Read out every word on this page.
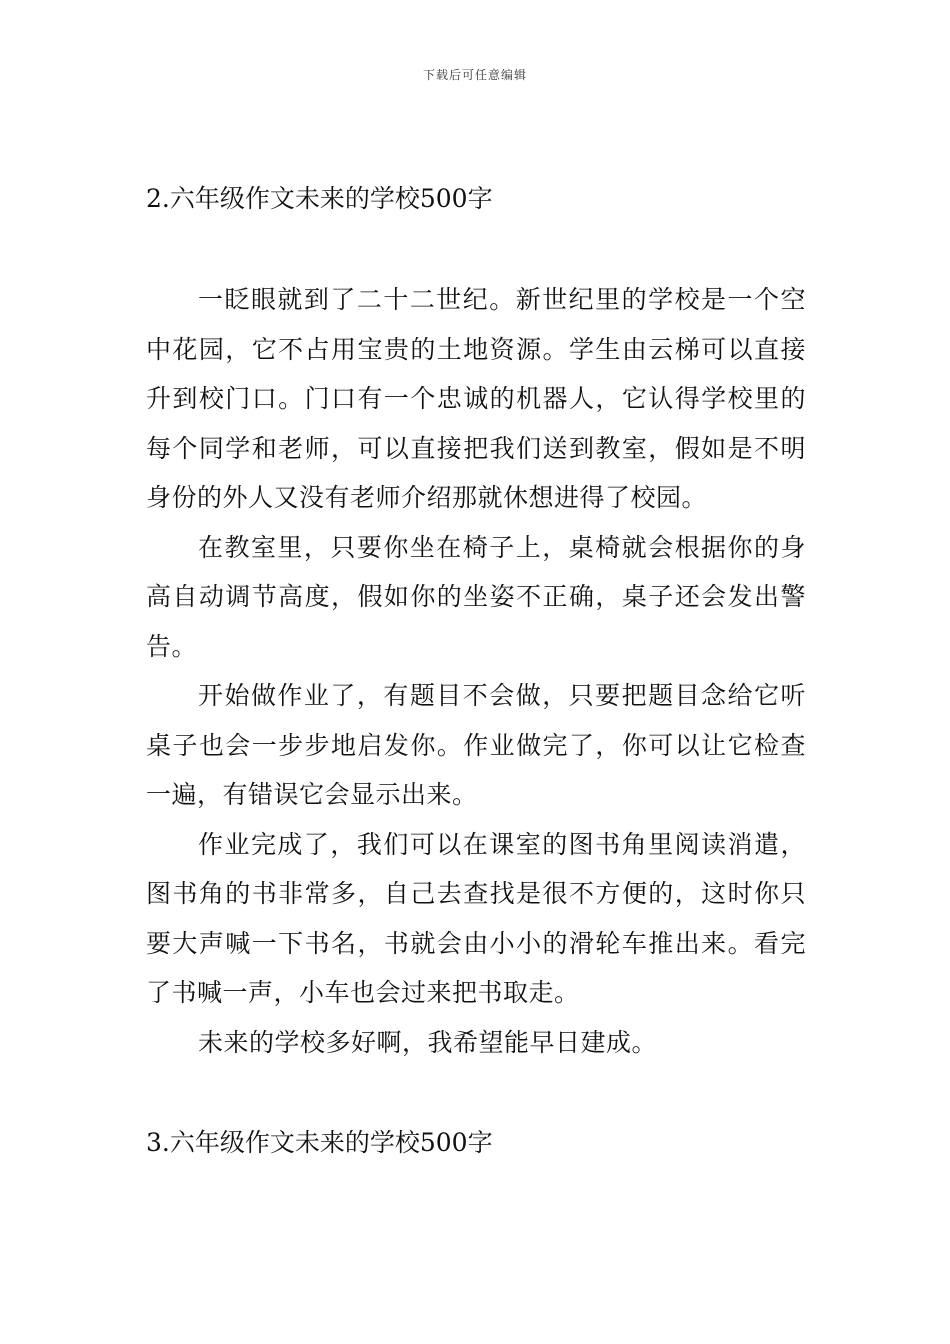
下载后可任意编辑
2.六年级作文未来的学校500字

一眨眼就到了二十二世纪。新世纪里的学校是一个空中花园，它不占用宝贵的土地资源。学生由云梯可以直接升到校门口。门口有一个忠诚的机器人，它认得学校里的每个同学和老师，可以直接把我们送到教室，假如是不明身份的外人又没有老师介绍那就休想进得了校园。

在教室里，只要你坐在椅子上，桌椅就会根据你的身高自动调节高度，假如你的坐姿不正确，桌子还会发出警告。

开始做作业了，有题目不会做，只要把题目念给它听桌子也会一步步地启发你。作业做完了，你可以让它检查一遍，有错误它会显示出来。

作业完成了，我们可以在课室的图书角里阅读消遣，图书角的书非常多，自己去查找是很不方便的，这时你只要大声喊一下书名，书就会由小小的滑轮车推出来。看完了书喊一声，小车也会过来把书取走。

未来的学校多好啊，我希望能早日建成。

3.六年级作文未来的学校500字
